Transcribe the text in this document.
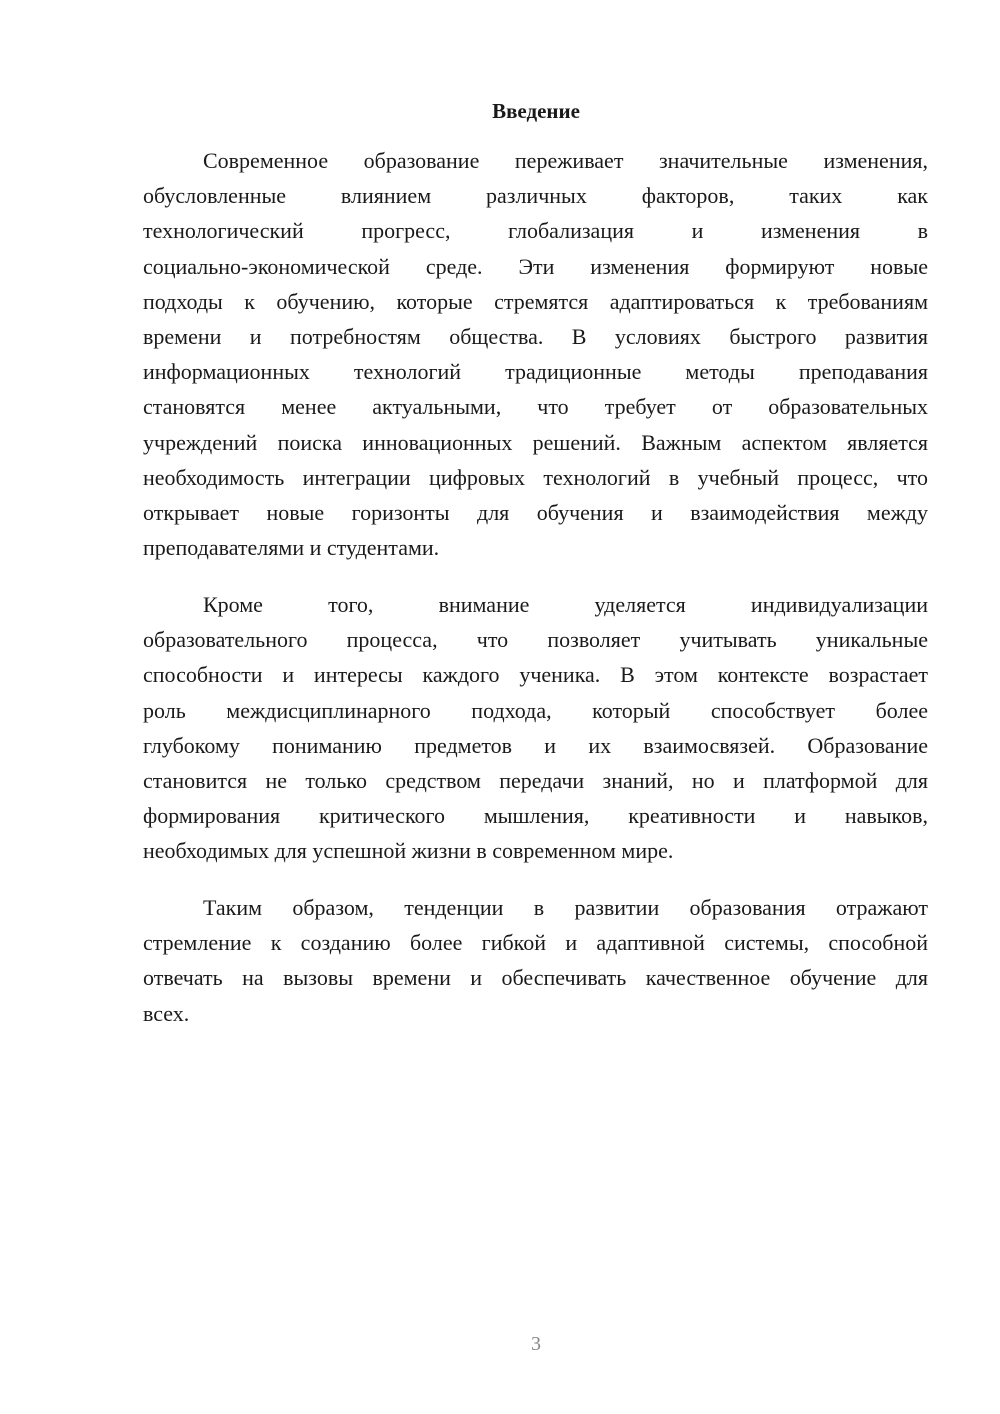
Введение
Современное образование переживает значительные изменения,
обусловленные влиянием различных факторов, таких как
технологический прогресс, глобализация и изменения в
социально-экономической среде. Эти изменения формируют новые
подходы к обучению, которые стремятся адаптироваться к требованиям
времени и потребностям общества. В условиях быстрого развития
информационных технологий традиционные методы преподавания
становятся менее актуальными, что требует от образовательных
учреждений поиска инновационных решений. Важным аспектом является
необходимость интеграции цифровых технологий в учебный процесс, что
открывает новые горизонты для обучения и взаимодействия между
преподавателями и студентами.
Кроме того, внимание уделяется индивидуализации
образовательного процесса, что позволяет учитывать уникальные
способности и интересы каждого ученика. В этом контексте возрастает
роль междисциплинарного подхода, который способствует более
глубокому пониманию предметов и их взаимосвязей. Образование
становится не только средством передачи знаний, но и платформой для
формирования критического мышления, креативности и навыков,
необходимых для успешной жизни в современном мире.
Таким образом, тенденции в развитии образования отражают
стремление к созданию более гибкой и адаптивной системы, способной
отвечать на вызовы времени и обеспечивать качественное обучение для
всех.
3
